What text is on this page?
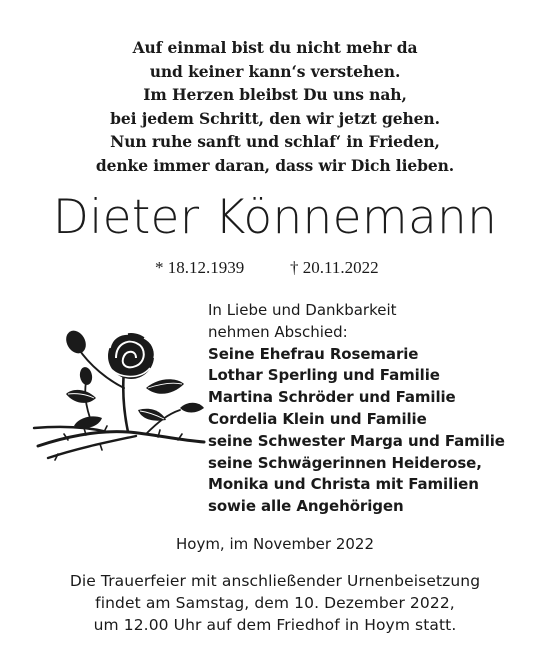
Auf einmal bist du nicht mehr da
und keiner kann‘s verstehen.
Im Herzen bleibst Du uns nah,
bei jedem Schritt, den wir jetzt gehen.
Nun ruhe sanft und schlaf‘ in Frieden,
denke immer daran, dass wir Dich lieben.
Dieter Könnemann
* 18.12.1939	† 20.11.2022
In Liebe und Dankbarkeit
nehmen Abschied:
Seine Ehefrau Rosemarie
Lothar Sperling und Familie
Martina Schröder und Familie
Cordelia Klein und Familie
seine Schwester Marga und Familie
seine Schwägerinnen Heiderose,
Monika und Christa mit Familien
sowie alle Angehörigen
Hoym, im November 2022
Die Trauerfeier mit anschließender Urnenbeisetzung
findet am Samstag, dem 10. Dezember 2022,
um 12.00 Uhr auf dem Friedhof in Hoym statt.
